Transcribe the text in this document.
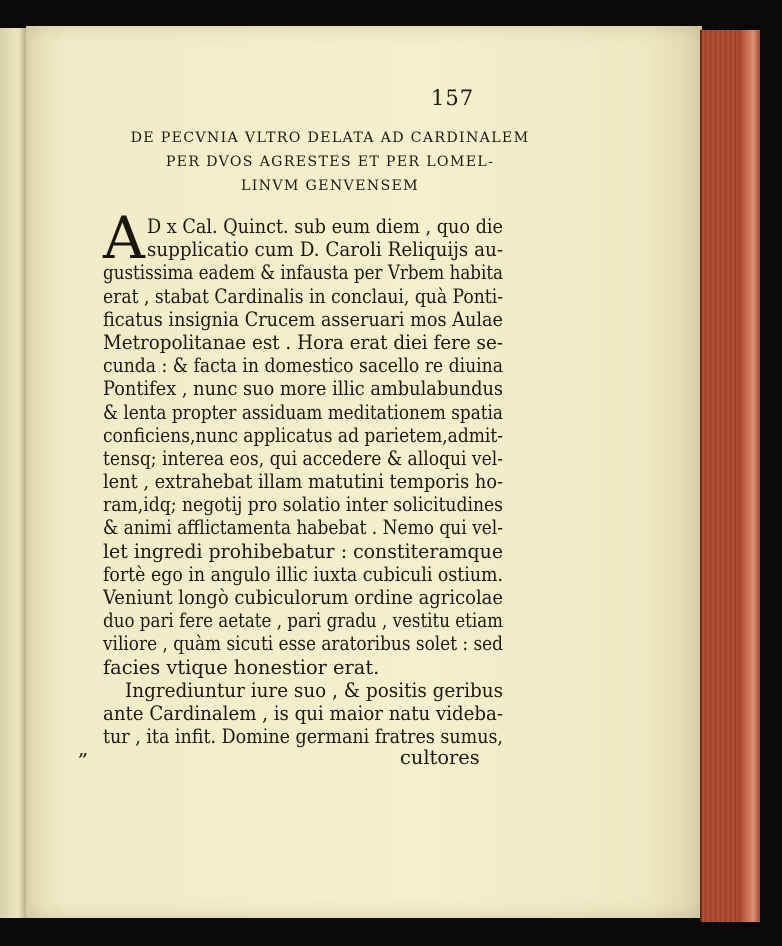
157
DE PECVNIA VLTRO DELATA AD CARDINALEM
PER DVOS AGRESTES ET PER LOMEL-
LINVM GENVENSEM
A D x Cal. Quinct. sub eum diem , quo die
supplicatio cum D. Caroli Reliquijs au-
gustissima eadem & infausta per Vrbem habita
erat , stabat Cardinalis in conclaui, quà Ponti-
ficatus insignia Crucem asseruari mos Aulae
Metropolitanae est . Hora erat diei fere se-
cunda : & facta in domestico sacello re diuina
Pontifex , nunc suo more illic ambulabundus
& lenta propter assiduam meditationem spatia
conficiens,nunc applicatus ad parietem,admit-
tensq; interea eos, qui accedere & alloqui vel-
lent , extrahebat illam matutini temporis ho-
ram,idq; negotij pro solatio inter solicitudines
& animi afflictamenta habebat . Nemo qui vel-
let ingredi prohibebatur : constiteramque
fortè ego in angulo illic iuxta cubiculi ostium.
Veniunt longò cubiculorum ordine agricolae
duo pari fere aetate , pari gradu , vestitu etiam
viliore , quàm sicuti esse aratoribus solet : sed
facies vtique honestior erat.
Ingrediuntur iure suo , & positis geribus
ante Cardinalem , is qui maior natu videba-
tur , ita infit. Domine germani fratres sumus,
„	cultores
